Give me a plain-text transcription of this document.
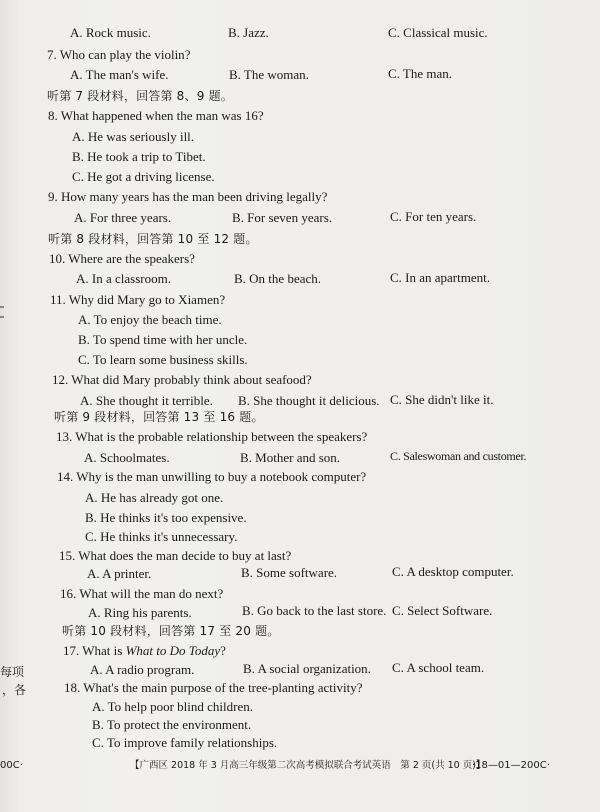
A. Rock music.	B. Jazz.	C. Classical music.
7. Who can play the violin?
A. The man's wife.	B. The woman.	C. The man.
听第 7 段材料，回答第 8、9 题。
8. What happened when the man was 16?
A. He was seriously ill.
B. He took a trip to Tibet.
C. He got a driving license.
9. How many years has the man been driving legally?
A. For three years.	B. For seven years.	C. For ten years.
听第 8 段材料，回答第 10 至 12 题。
10. Where are the speakers?
A. In a classroom.	B. On the beach.	C. In an apartment.
11. Why did Mary go to Xiamen?
A. To enjoy the beach time.
B. To spend time with her uncle.
C. To learn some business skills.
12. What did Mary probably think about seafood?
A. She thought it terrible. B. She thought it delicious. C. She didn't like it.
听第 9 段材料，回答第 13 至 16 题。
13. What is the probable relationship between the speakers?
A. Schoolmates.	B. Mother and son.	C. Saleswoman and customer.
14. Why is the man unwilling to buy a notebook computer?
A. He has already got one.
B. He thinks it's too expensive.
C. He thinks it's unnecessary.
15. What does the man decide to buy at last?
A. A printer.	B. Some software.	C. A desktop computer.
16. What will the man do next?
A. Ring his parents.	B. Go back to the last store. C. Select Software.
听第 10 段材料，回答第 17 至 20 题。
17. What is What to Do Today?
A. A radio program.	B. A social organization. C. A school team.
18. What's the main purpose of the tree-planting activity?
A. To help poor blind children.
B. To protect the environment.
C. To improve family relationships.
每项
，各
00C·	【广西区 2018 年 3 月高三年级第二次高考模拟联合考试英语　第 2 页(共 10 页)】
·18—01—200C·
